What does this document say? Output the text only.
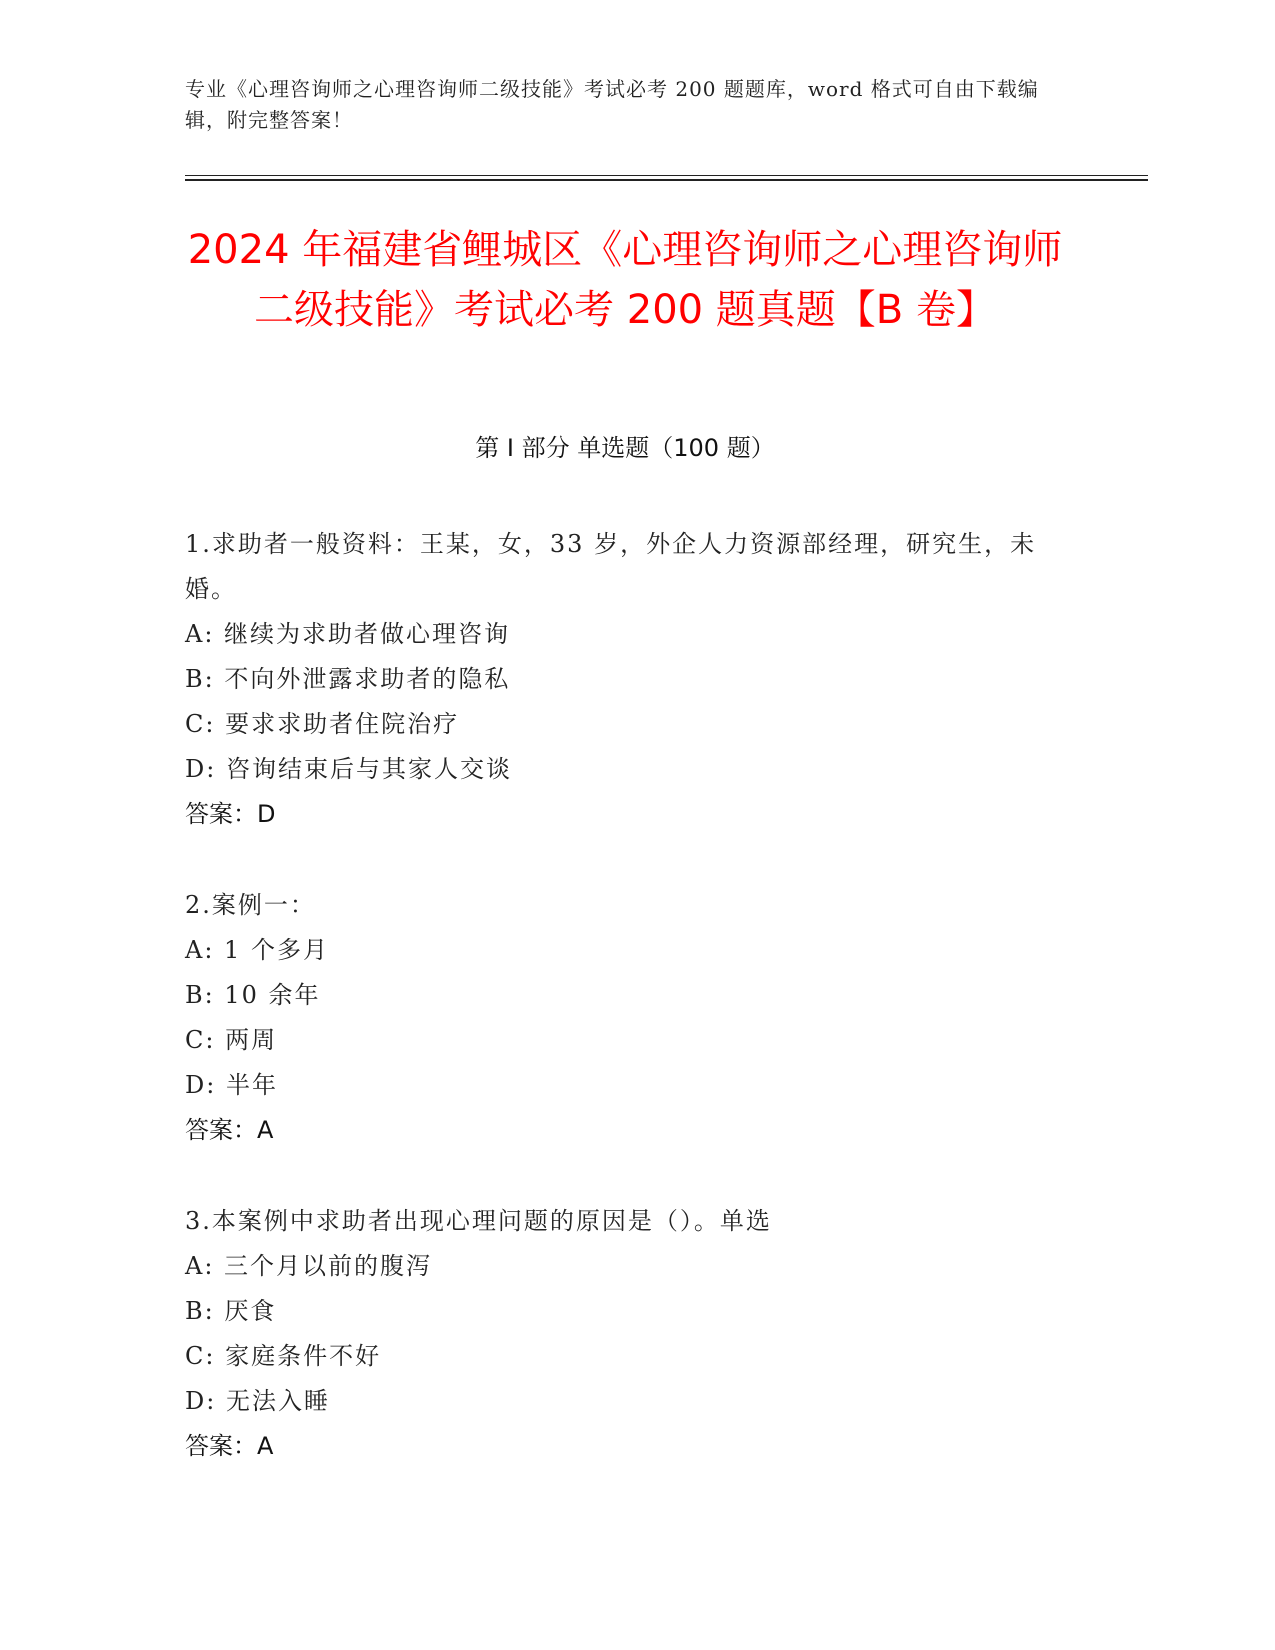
专业《心理咨询师之心理咨询师二级技能》考试必考 200 题题库，word 格式可自由下载编辑，附完整答案！
2024 年福建省鲤城区《心理咨询师之心理咨询师二级技能》考试必考 200 题真题【B 卷】
第 I 部分 单选题（100 题）

1.求助者一般资料：王某，女，33 岁，外企人力资源部经理，研究生，未婚。

A: 继续为求助者做心理咨询

B: 不向外泄露求助者的隐私

C: 要求求助者住院治疗

D: 咨询结束后与其家人交谈

答案：D

2.案例一：

A: 1 个多月

B: 10 余年

C: 两周

D: 半年

答案：A

3.本案例中求助者出现心理问题的原因是（）。单选

A: 三个月以前的腹泻

B: 厌食

C: 家庭条件不好

D: 无法入睡

答案：A
